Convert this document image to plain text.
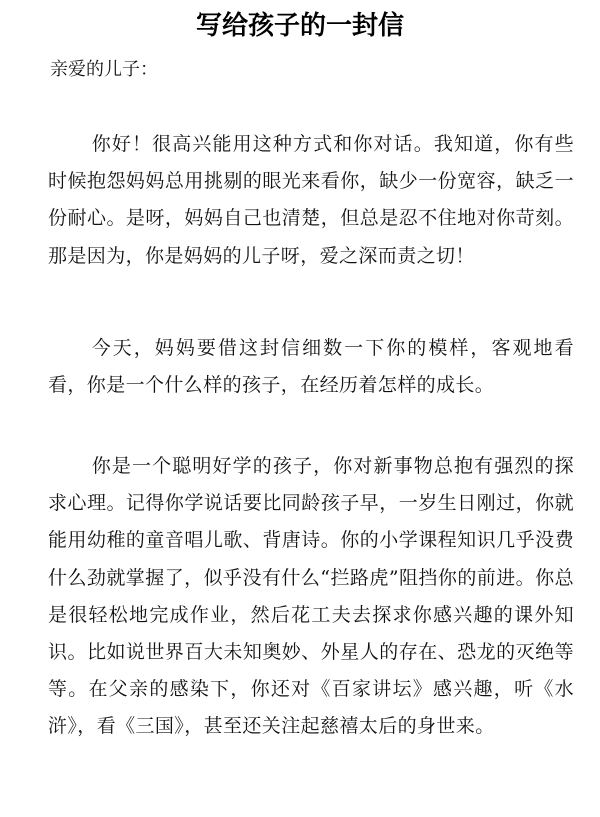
写给孩子的一封信
亲爱的儿子：

你好！很高兴能用这种方式和你对话。我知道，你有些时候抱怨妈妈总用挑剔的眼光来看你，缺少一份宽容，缺乏一份耐心。是呀，妈妈自己也清楚，但总是忍不住地对你苛刻。那是因为，你是妈妈的儿子呀，爱之深而责之切！

今天，妈妈要借这封信细数一下你的模样，客观地看看，你是一个什么样的孩子，在经历着怎样的成长。

你是一个聪明好学的孩子，你对新事物总抱有强烈的探求心理。记得你学说话要比同龄孩子早，一岁生日刚过，你就能用幼稚的童音唱儿歌、背唐诗。你的小学课程知识几乎没费什么劲就掌握了，似乎没有什么“拦路虎”阻挡你的前进。你总是很轻松地完成作业，然后花工夫去探求你感兴趣的课外知识。比如说世界百大未知奥妙、外星人的存在、恐龙的灭绝等等。在父亲的感染下，你还对《百家讲坛》感兴趣，听《水浒》，看《三国》，甚至还关注起慈禧太后的身世来。
